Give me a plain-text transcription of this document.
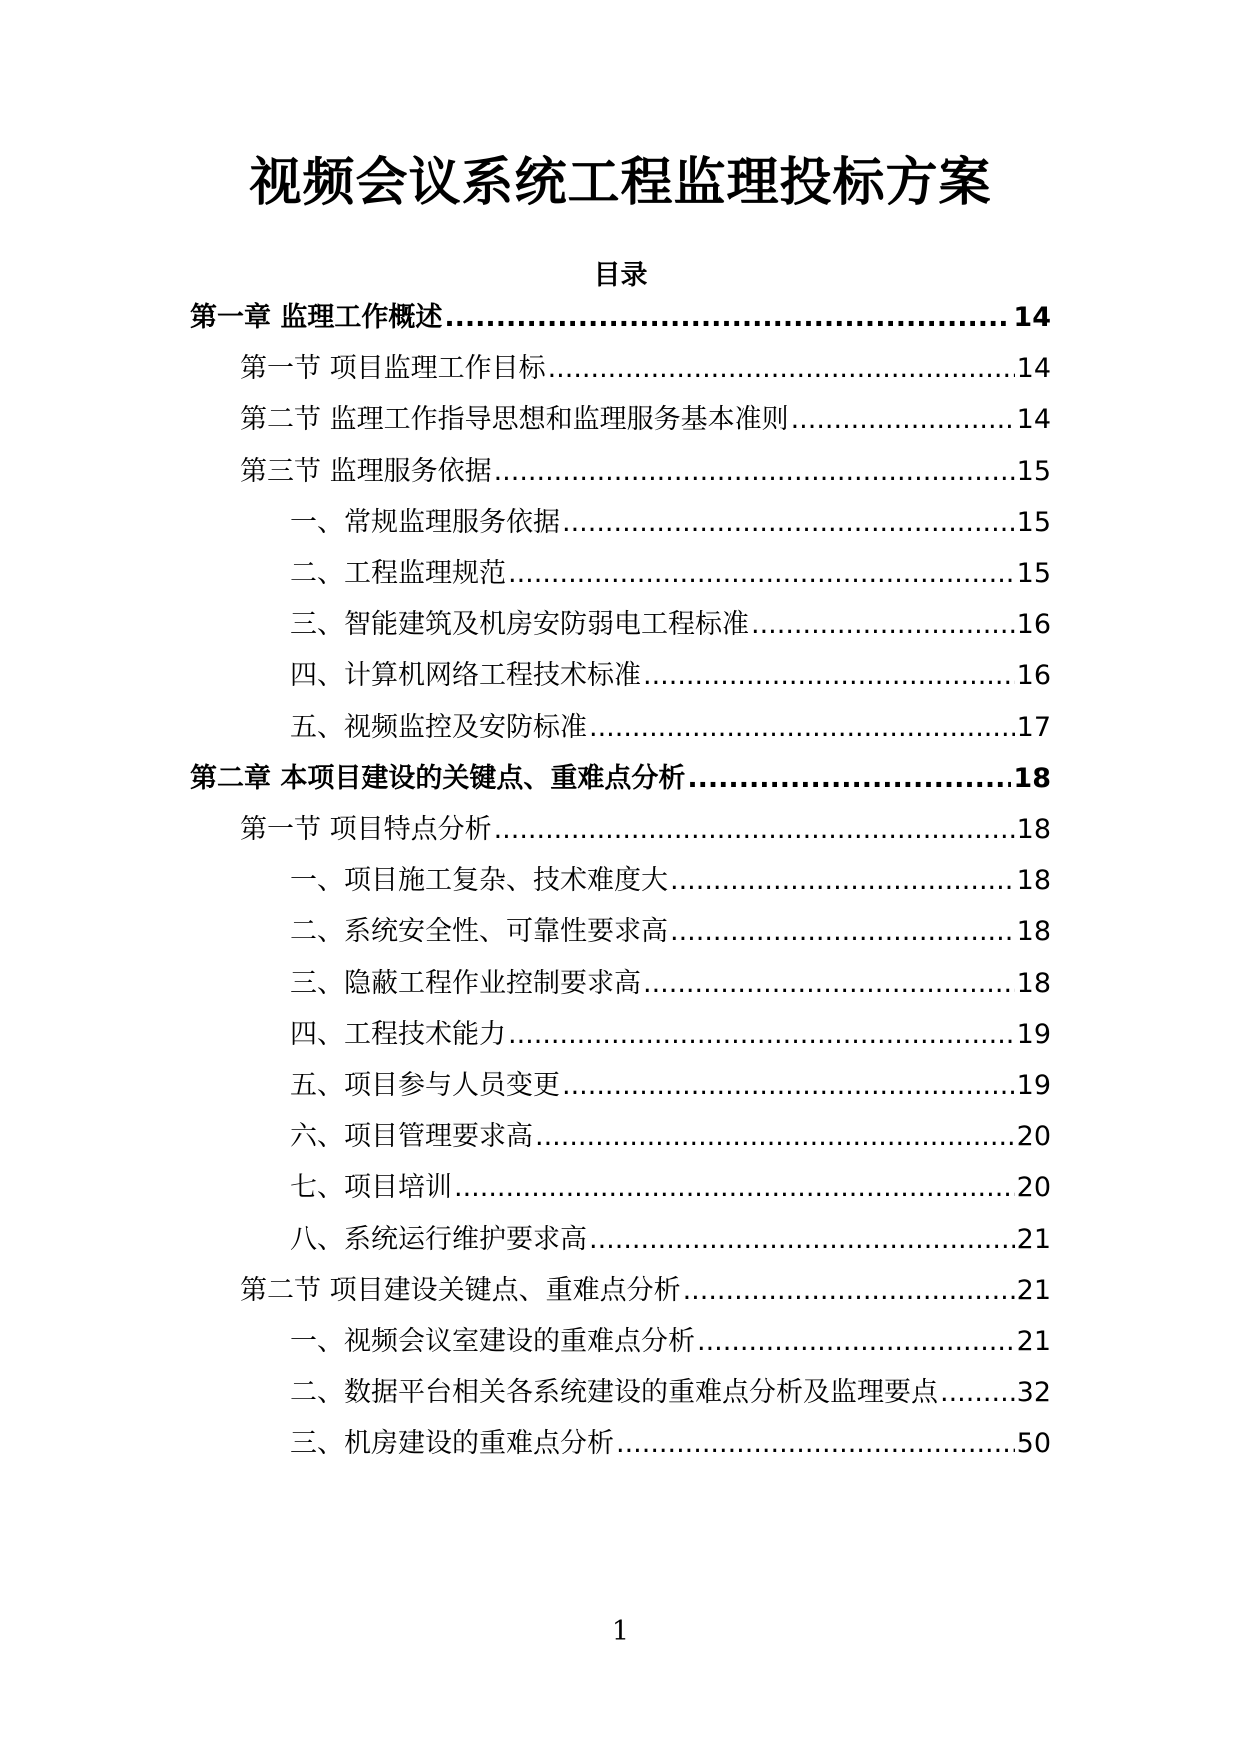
视频会议系统工程监理投标方案
目录
第一章 监理工作概述 .....	14
第一节 项目监理工作目标 .....	14
第二节 监理工作指导思想和监理服务基本准则 .....	14
第三节 监理服务依据 .....	15
一、常规监理服务依据 .....	15
二、工程监理规范 .....	15
三、智能建筑及机房安防弱电工程标准 .....	16
四、计算机网络工程技术标准 .....	16
五、视频监控及安防标准 .....	17
第二章 本项目建设的关键点、重难点分析 .....	18
第一节 项目特点分析 .....	18
一、项目施工复杂、技术难度大 .....	18
二、系统安全性、可靠性要求高 .....	18
三、隐蔽工程作业控制要求高 .....	18
四、工程技术能力 .....	19
五、项目参与人员变更 .....	19
六、项目管理要求高 .....	20
七、项目培训 .....	20
八、系统运行维护要求高 .....	21
第二节 项目建设关键点、重难点分析 .....	21
一、视频会议室建设的重难点分析 .....	21
二、数据平台相关各系统建设的重难点分析及监理要点 .....	32
三、机房建设的重难点分析 .....	50
1
